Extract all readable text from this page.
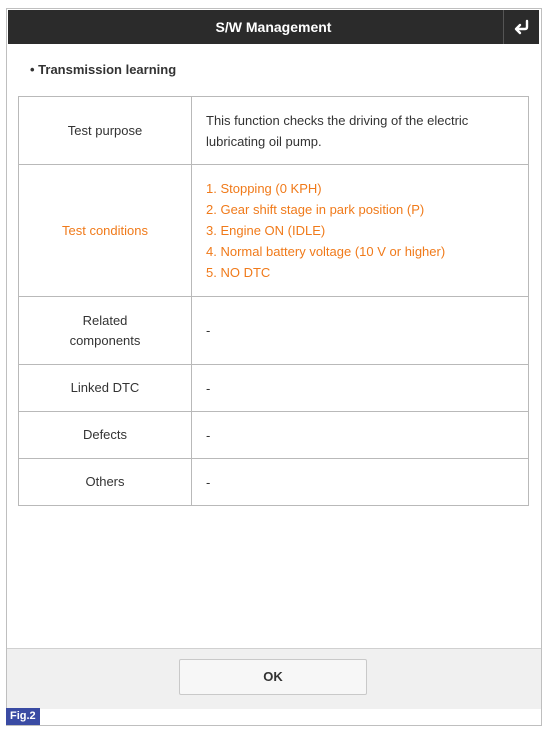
S/W Management
• Transmission learning
Test purpose	This function checks the driving of the electric
lubricating oil pump.

Test conditions	1. Stopping (0 KPH)
2. Gear shift stage in park position (P)
3. Engine ON (IDLE)
4. Normal battery voltage (10 V or higher)
5. NO DTC

Related
components	-
Linked DTC	-
Defects	-
Others	-
OK
Fig.2
